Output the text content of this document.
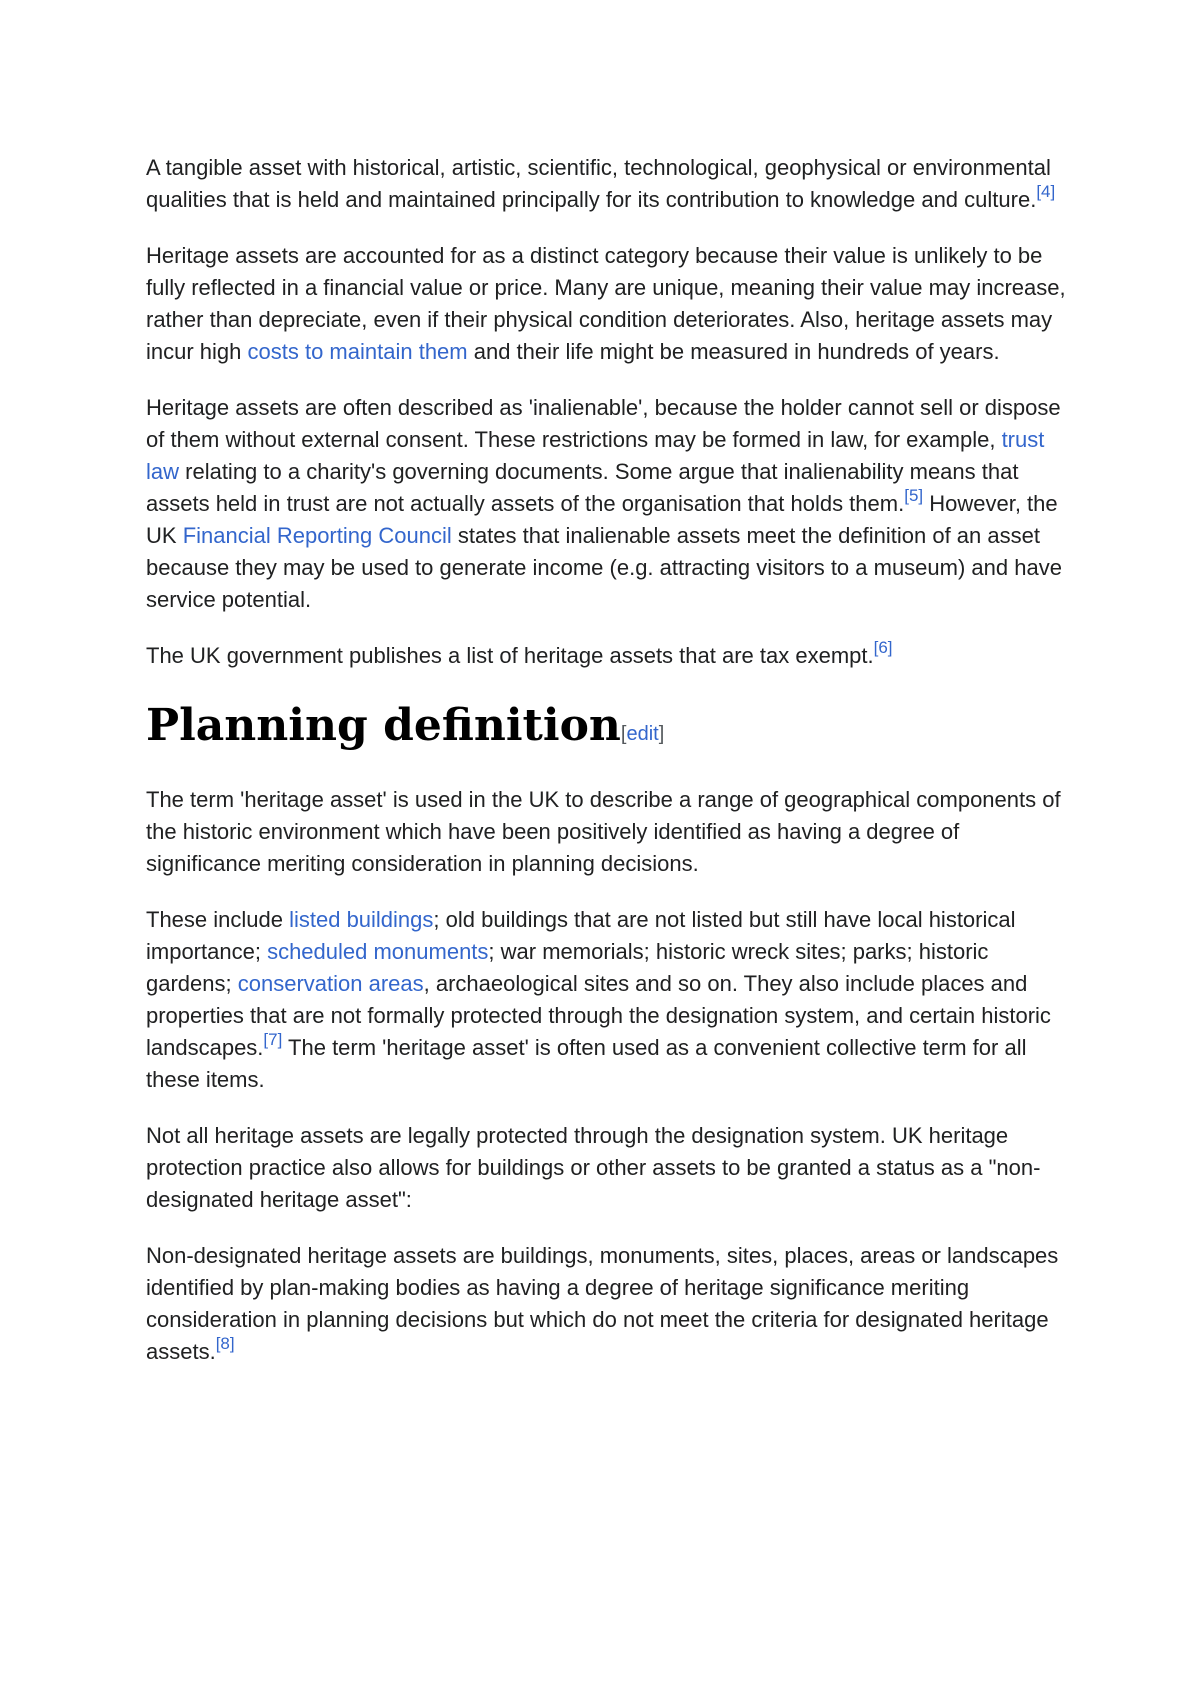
A tangible asset with historical, artistic, scientific, technological, geophysical or environmental qualities that is held and maintained principally for its contribution to knowledge and culture.[4]

Heritage assets are accounted for as a distinct category because their value is unlikely to be fully reflected in a financial value or price. Many are unique, meaning their value may increase, rather than depreciate, even if their physical condition deteriorates. Also, heritage assets may incur high costs to maintain them and their life might be measured in hundreds of years.

Heritage assets are often described as 'inalienable', because the holder cannot sell or dispose of them without external consent. These restrictions may be formed in law, for example, trust law relating to a charity's governing documents. Some argue that inalienability means that assets held in trust are not actually assets of the organisation that holds them.[5] However, the UK Financial Reporting Council states that inalienable assets meet the definition of an asset because they may be used to generate income (e.g. attracting visitors to a museum) and have service potential.

The UK government publishes a list of heritage assets that are tax exempt.[6]

Planning definition[edit]

The term 'heritage asset' is used in the UK to describe a range of geographical components of the historic environment which have been positively identified as having a degree of significance meriting consideration in planning decisions.

These include listed buildings; old buildings that are not listed but still have local historical importance; scheduled monuments; war memorials; historic wreck sites; parks; historic gardens; conservation areas, archaeological sites and so on. They also include places and properties that are not formally protected through the designation system, and certain historic landscapes.[7] The term 'heritage asset' is often used as a convenient collective term for all these items.

Not all heritage assets are legally protected through the designation system. UK heritage protection practice also allows for buildings or other assets to be granted a status as a "non-designated heritage asset":

Non-designated heritage assets are buildings, monuments, sites, places, areas or landscapes identified by plan-making bodies as having a degree of heritage significance meriting consideration in planning decisions but which do not meet the criteria for designated heritage assets.[8]
